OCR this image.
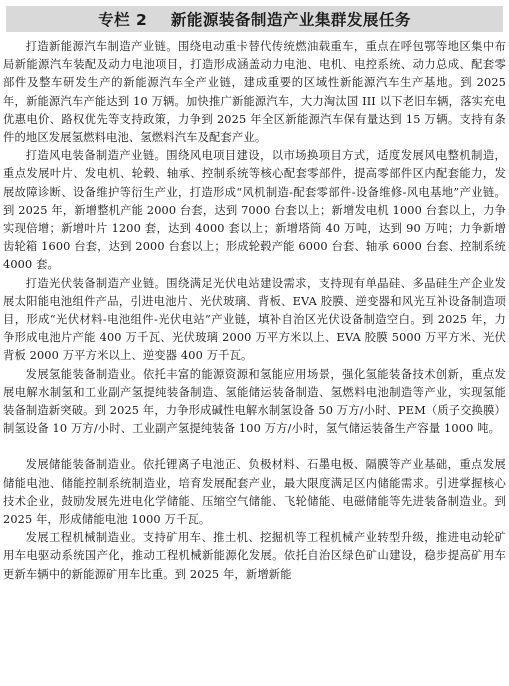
专栏 2    新能源装备制造产业集群发展任务

打造新能源汽车制造产业链。围绕电动重卡替代传统燃油载重车，重点在呼包鄂等地区集中布局新能源汽车装配及动力电池项目，打造形成涵盖动力电池、电机、电控系统、动力总成、配套零部件及整车研发生产的新能源汽车全产业链，建成重要的区域性新能源汽车生产基地。到 2025 年，新能源汽车产能达到 10 万辆。加快推广新能源汽车，大力淘汰国 III 以下老旧车辆，落实充电优惠电价、路权优先等支持政策，力争到 2025 年全区新能源汽车保有量达到 15 万辆。支持有条件的地区发展氢燃料电池、氢燃料汽车及配套产业。

打造风电装备制造产业链。围绕风电项目建设，以市场换项目方式，适度发展风电整机制造，重点发展叶片、发电机、轮毂、轴承、控制系统等核心配套零部件，提高零部件区内配套能力，发展故障诊断、设备维护等衍生产业，打造形成“风机制造-配套零部件-设备维修-风电基地”产业链。到 2025 年，新增整机产能 2000 台套，达到 7000 台套以上；新增发电机 1000 台套以上，力争实现倍增；新增叶片 1200 套，达到 4000 套以上；新增塔筒 40 万吨，达到 90 万吨；力争新增齿轮箱 1600 台套，达到 2000 台套以上；形成轮毂产能 6000 台套、轴承 6000 台套、控制系统 4000 套。

打造光伏装备制造产业链。围绕满足光伏电站建设需求，支持现有单晶硅、多晶硅生产企业发展太阳能电池组件产品，引进电池片、光伏玻璃、背板、EVA 胶膜、逆变器和风光互补设备制造项目，形成“光伏材料-电池组件-光伏电站”产业链，填补自治区光伏设备制造空白。到 2025 年，力争形成电池片产能 400 万千瓦、光伏玻璃 2000 万平方米以上、EVA 胶膜 5000 万平方米、光伏背板 2000 万平方米以上、逆变器 400 万千瓦。

发展氢能装备制造业。依托丰富的能源资源和氢能应用场景，强化氢能装备技术创新，重点发展电解水制氢和工业副产氢提纯装备制造、氢能储运装备制造、氢燃料电池制造等产业，实现氢能装备制造新突破。到 2025 年，力争形成碱性电解水制氢设备 50 万方/小时、PEM（质子交换膜）制氢设备 10 万方/小时、工业副产氢提纯装备 100 万方/小时，氢气储运装备生产容量 1000 吨。

发展储能装备制造业。依托锂离子电池正、负极材料、石墨电极、隔膜等产业基础，重点发展储能电池、储能控制系统制造业，培育发展配套产业，最大限度满足区内储能需求。引进掌握核心技术企业，鼓励发展先进电化学储能、压缩空气储能、飞轮储能、电磁储能等先进装备制造业。到 2025 年，形成储能电池 1000 万千瓦。

发展工程机械制造业。支持矿用车、推土机、挖掘机等工程机械产业转型升级，推进电动轮矿用车电驱动系统国产化，推动工程机械新能源化发展。依托自治区绿色矿山建设，稳步提高矿用车更新车辆中的新能源矿用车比重。到 2025 年，新增新能
